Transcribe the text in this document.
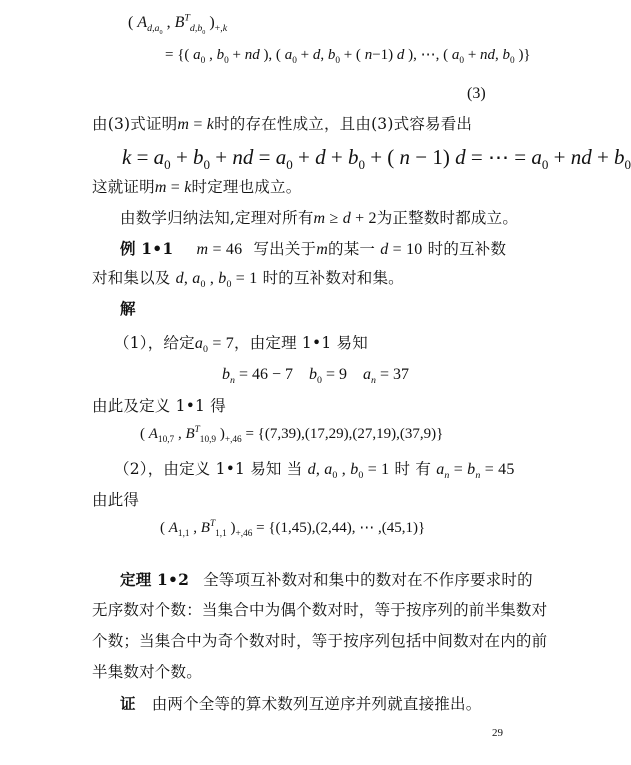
( $A_{d,a_0}$ , $B^T_{d,b_0}$ )$_{+,k}$
= {( $a_0$ , $b_0$ + nd ), ( $a_0 + d$, $b_0$ + ( n−1) d ), ⋯, ( $a_0$ + nd, $b_0$ )}
(3)
由(3)式证明m = k时的存在性成立，且由(3)式容易看出
$k = a_0 + b_0$ + nd = $a_0 + d + b_0$ + ( n − 1) d = ⋯ = $a_0$ + nd + $b_0$
这就证明m = k时定理也成立。
由数学归纳法知,定理对所有m ≥ d + 2为正整数时都成立。
例 1•1 m = 46 写出关于m的某一 d = 10 时的互补数
对和集以及 d, $a_0$ , $b_0 = 1$ 时的互补数对和集。
解
（1），给定$a_0 = 7$，由定理 1•1 易知
$b_n = 46 - 7$    $b_0 = 9$    $a_n = 37$
由此及定义 1•1 得
( $A_{10,7}$ , $B^T_{10,9}$ )$_{+,46} = \{(7,39),(17,29),(27,19),(37,9)\}$
（2），由定义 1•1 易知 当 d, $a_0$ , $b_0 = 1$ 时 有 $a_n = b_n = 45$
由此得
( $A_{1,1}$ , $B^T_{1,1}$ )$_{+,46} = \{(1,45),(2,44)$, ⋯ ,(45,1)}
定理 1•2 全等项互补数对和集中的数对在不作序要求时的
无序数对个数：当集合中为偶个数对时，等于按序列的前半集数对
个数；当集合中为奇个数对时，等于按序列包括中间数对在内的前
半集数对个数。
证 由两个全等的算术数列互逆序并列就直接推出。
29
